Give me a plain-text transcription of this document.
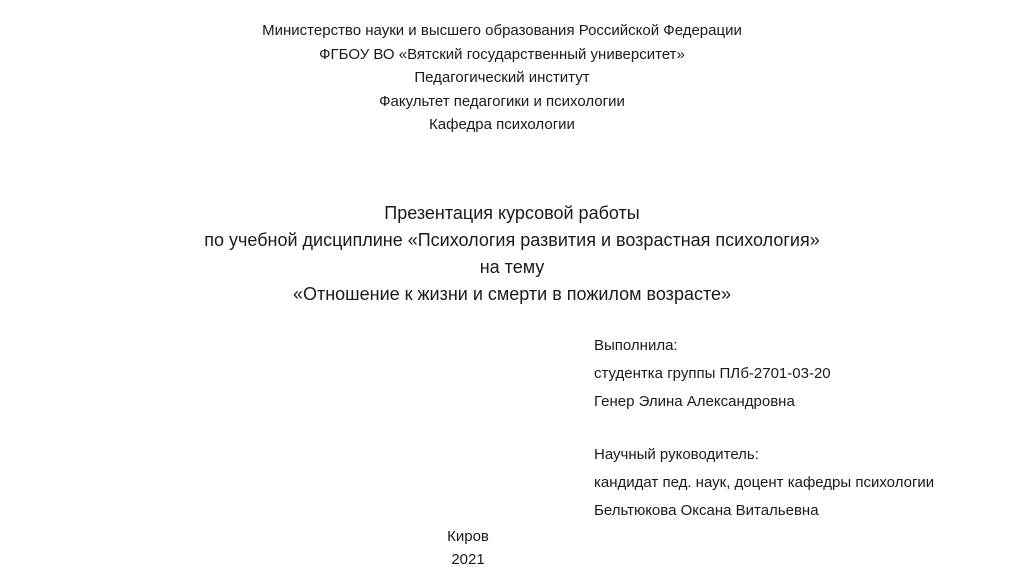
Министерство науки и высшего образования Российской Федерации
ФГБОУ ВО «Вятский государственный университет»
Педагогический институт
Факультет педагогики и психологии
Кафедра психологии
Презентация курсовой работы
по учебной дисциплине «Психология развития и возрастная психология»
на тему
«Отношение к жизни и смерти в пожилом возрасте»
Выполнила:
студентка группы ПЛб-2701-03-20
Генер Элина Александровна
Научный руководитель:
кандидат пед. наук, доцент кафедры психологии
Бельтюкова Оксана Витальевна
Киров
2021
